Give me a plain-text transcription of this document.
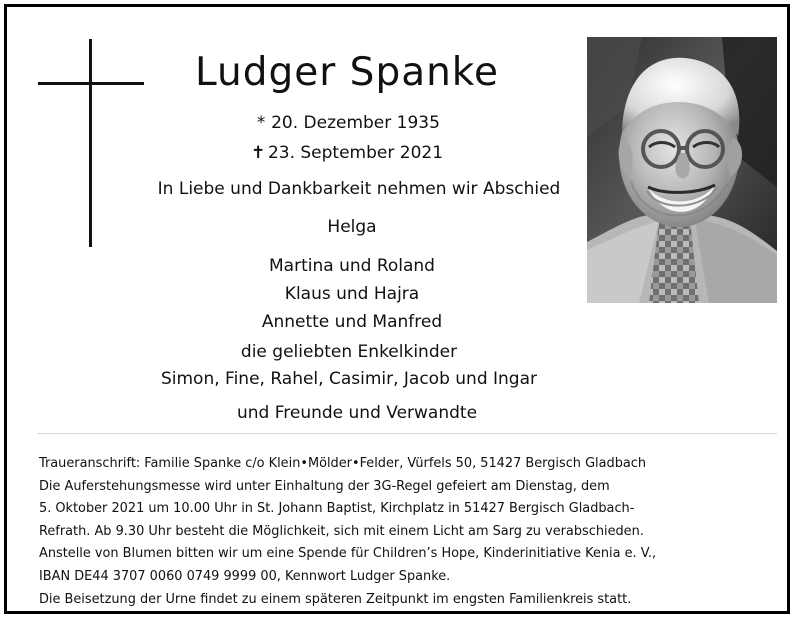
Ludger Spanke
* 20. Dezember 1935
✝ 23. September 2021
In Liebe und Dankbarkeit nehmen wir Abschied
Helga
Martina und Roland
Klaus und Hajra
Annette und Manfred
die geliebten Enkelkinder
Simon, Fine, Rahel, Casimir, Jacob und Ingar
und Freunde und Verwandte
Traueranschrift: Familie Spanke c/o Klein•Mölder•Felder, Vürfels 50, 51427 Bergisch Gladbach
Die Auferstehungsmesse wird unter Einhaltung der 3G-Regel gefeiert am Dienstag, dem
5. Oktober 2021 um 10.00 Uhr in St. Johann Baptist, Kirchplatz in 51427 Bergisch Gladbach-
Refrath. Ab 9.30 Uhr besteht die Möglichkeit, sich mit einem Licht am Sarg zu verabschieden.
Anstelle von Blumen bitten wir um eine Spende für Children’s Hope, Kinderinitiative Kenia e. V.,
IBAN DE44 3707 0060 0749 9999 00, Kennwort Ludger Spanke.
Die Beisetzung der Urne findet zu einem späteren Zeitpunkt im engsten Familienkreis statt.
